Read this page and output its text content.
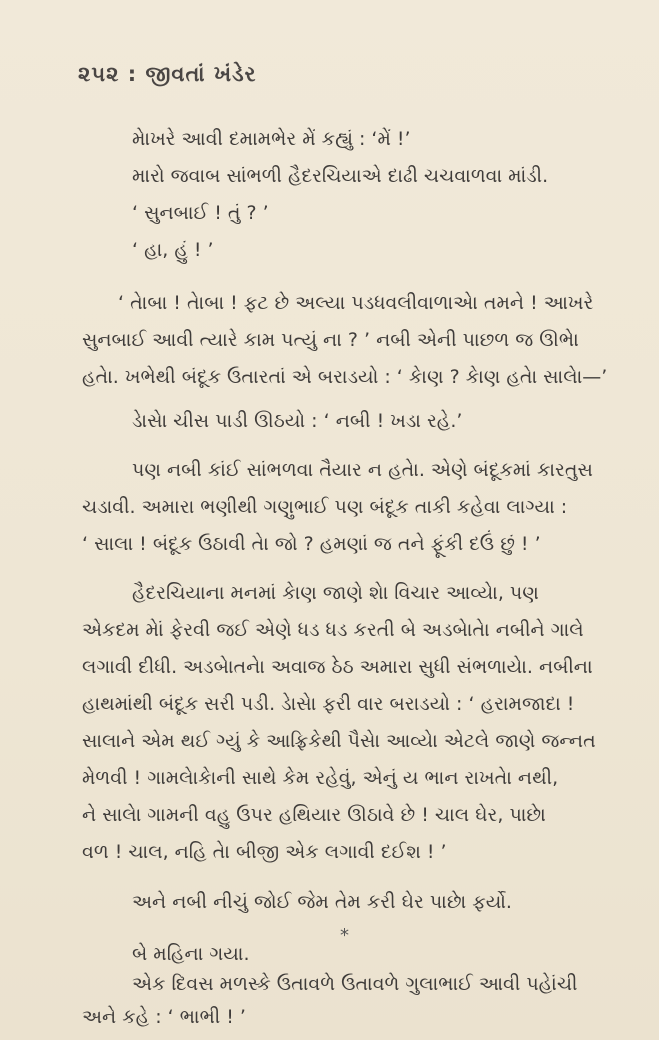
૨૫૨ : જીવતાં ખંડેર
મેાખરે આવી દમામભેર મેં કહ્યું : ‘મેં !’
મારો જવાબ સાંભળી હૈદરચિયાએ દાઢી ચચવાળવા માંડી.
‘ સુનબાઈ ! તું ? ’
‘ હા, હું ! ’
‘ તેાબા ! તેાબા ! ફટ છે અલ્યા પડધવલીવાળાએા તમને ! આખરે
સુનબાઈ આવી ત્યારે કામ પત્યું ના ? ’ નબી એની પાછળ જ ઊભેા
હતેા. ખભેથી બંદૂક ઉતારતાં એ બરાડયો : ‘ કેાણ ? કેાણ હતેા સાલેા—’
ડેાસેા ચીસ પાડી ઊઠયો : ‘ નબી ! ખડા રહે.’
પણ નબી કાંઈ સાંભળવા તૈયાર ન હતેા. એણે બંદૂકમાં કારતુસ
ચડાવી. અમારા ભણીથી ગણુભાઈ પણ બંદૂક તાકી કહેવા લાગ્યા :
‘ સાલા ! બંદૂક ઉઠાવી તેા જો ? હમણાં જ તને ફૂંકી દઉં છું ! ’
હૈદરચિયાના મનમાં કેાણ જાણે શેા વિચાર આવ્યેા, પણ
એકદમ મેાં ફેરવી જઈ એણે ધડ ધડ કરતી બે અડબેાતેા નબીને ગાલે
લગાવી દીધી. અડબેાતનેા અવાજ ઠેઠ અમારા સુધી સંભળાયેા. નબીના
હાથમાંથી બંદૂક સરી પડી. ડેાસેા ફરી વાર બરાડયો : ‘ હરામજાદા !
સાલાને એમ થઈ ગ્યું કે આફ્રિકેથી પૈસેા આવ્યેા એટલે જાણે જન્નત
મેળવી ! ગામલેાકેાની સાથે કેમ રહેવું, એનું ય ભાન રાખતેા નથી,
ને સાલેા ગામની વહુ ઉપર હથિયાર ઊઠાવે છે ! ચાલ ઘેર, પાછેા
વળ ! ચાલ, નહિ તેા બીજી એક લગાવી દઈશ ! ’
અને નબી નીચું જોઈ જેમ તેમ કરી ઘેર પાછેા ફર્યો.
*
બે મહિના ગયા.
એક દિવસ મળસ્કે ઉતાવળે ઉતાવળે ગુલાભાઈ આવી પહેાંચી
અને કહે : ‘ ભાભી ! ’
